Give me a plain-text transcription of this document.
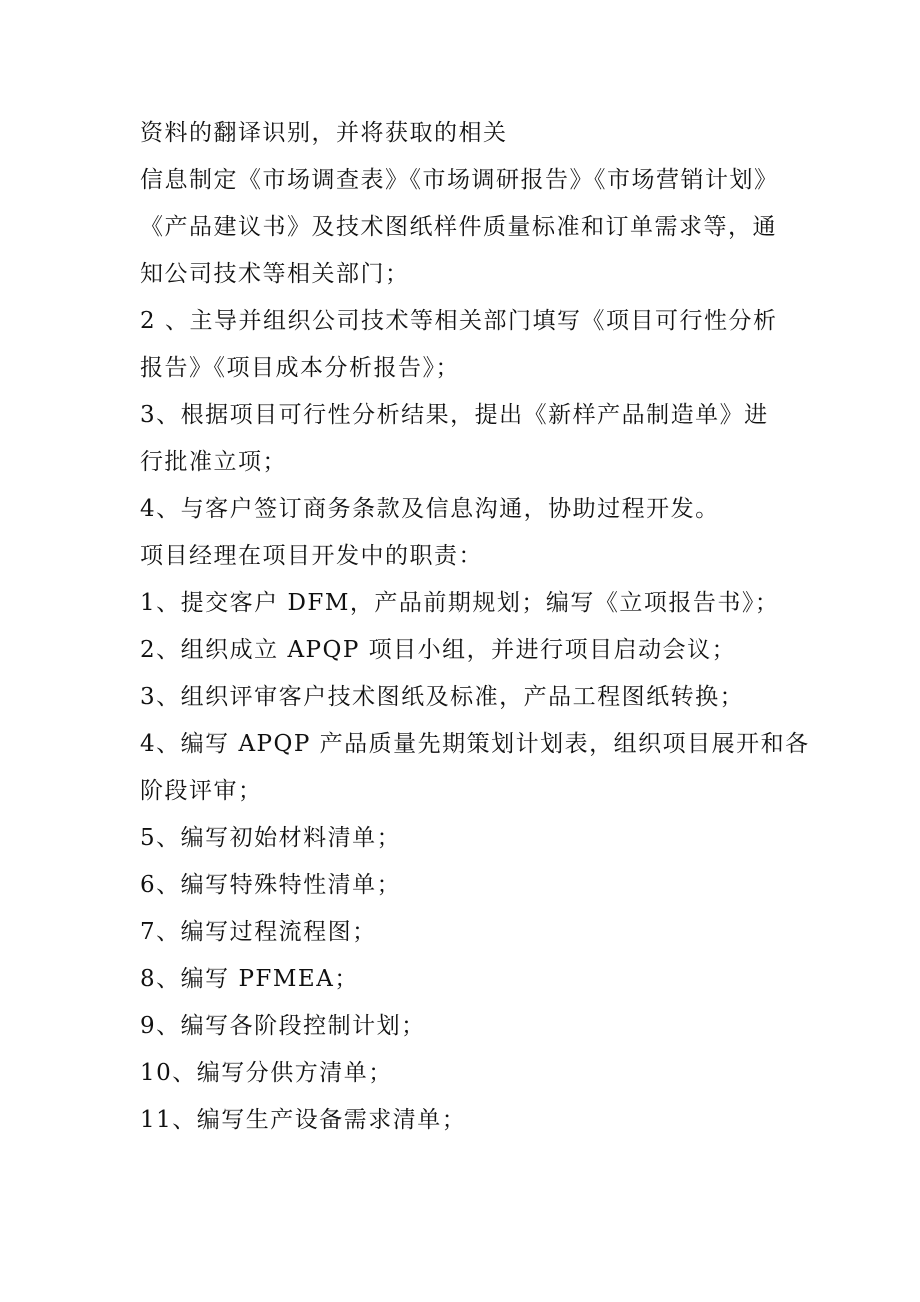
资料的翻译识别，并将获取的相关
信息制定《市场调查表》《市场调研报告》《市场营销计划》
《产品建议书》及技术图纸样件质量标准和订单需求等，通
知公司技术等相关部门；
2 、主导并组织公司技术等相关部门填写《项目可行性分析
报告》《项目成本分析报告》；
3、根据项目可行性分析结果，提出《新样产品制造单》进
行批准立项；
4、与客户签订商务条款及信息沟通，协助过程开发。
项目经理在项目开发中的职责：
1、提交客户 DFM，产品前期规划；编写《立项报告书》；
2、组织成立 APQP 项目小组，并进行项目启动会议；
3、组织评审客户技术图纸及标准，产品工程图纸转换；
4、编写 APQP 产品质量先期策划计划表，组织项目展开和各
阶段评审；
5、编写初始材料清单；
6、编写特殊特性清单；
7、编写过程流程图；
8、编写 PFMEA；
9、编写各阶段控制计划；
10、编写分供方清单；
11、编写生产设备需求清单；
